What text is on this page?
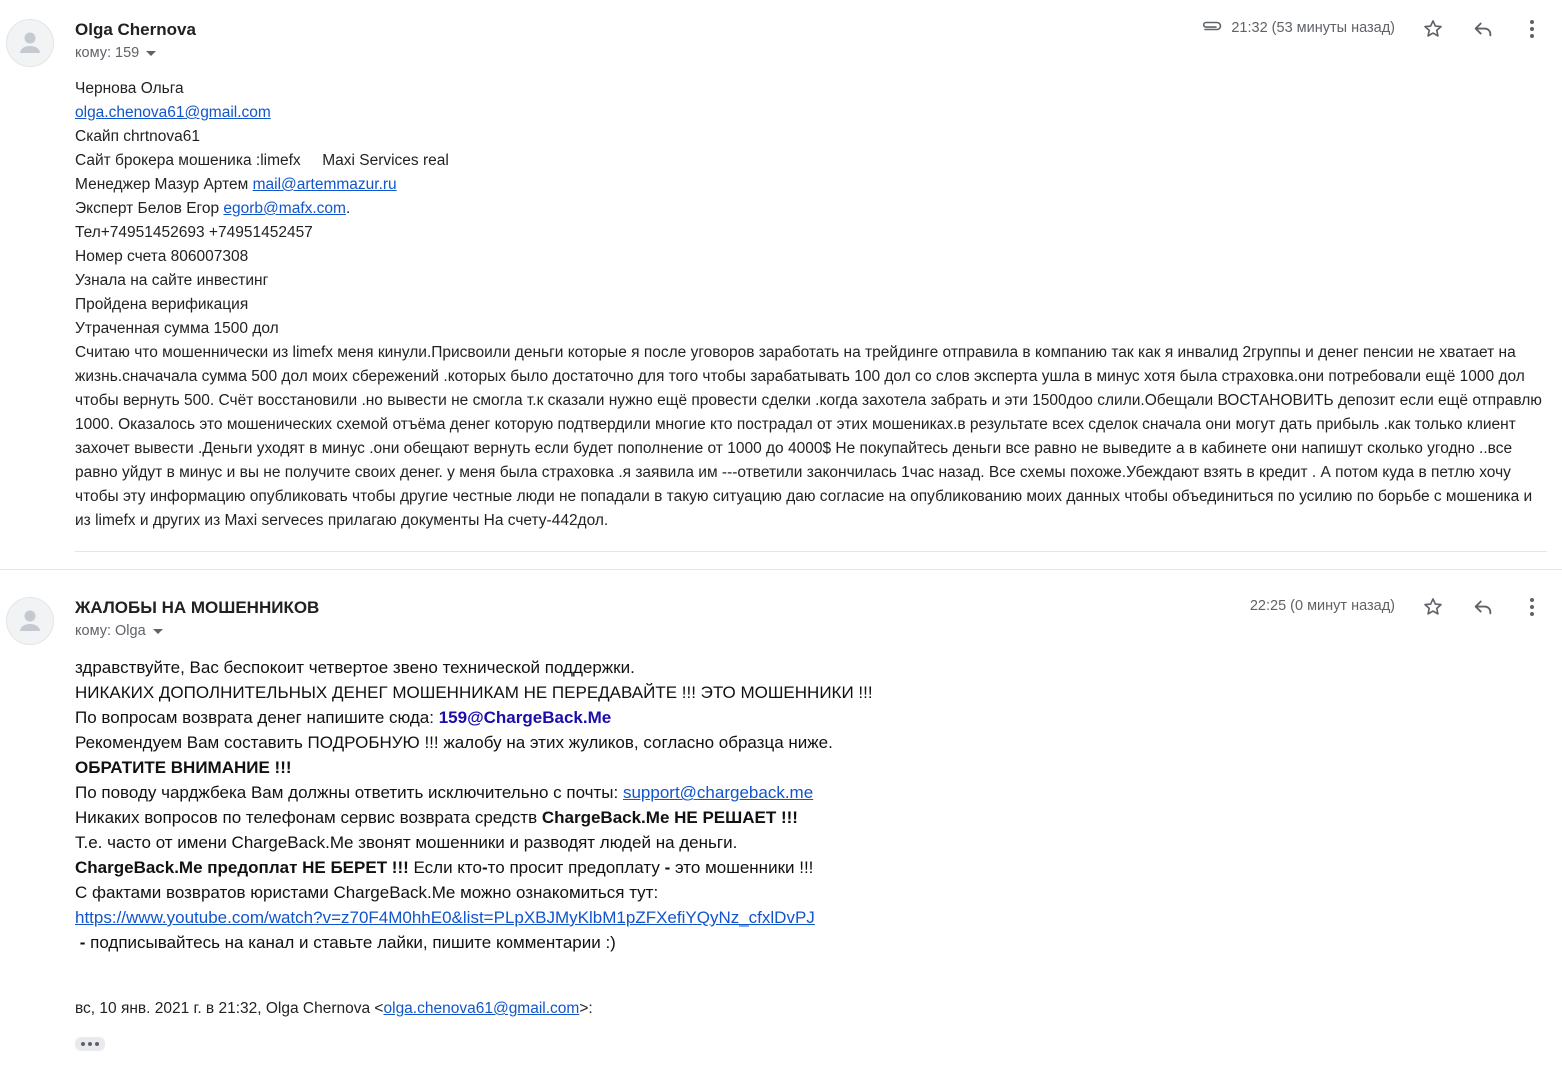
Olga Chernova
кому: 159
21:32 (53 минуты назад)
Чернова Ольга
olga.chenova61@gmail.com
Скайп chrtnova61
Сайт брокера мошеника :limefx     Maxi Services real
Менеджер Мазур Артем mail@artemmazur.ru
Эксперт Белов Егор egorb@mafx.com.
Тел+74951452693 +74951452457
Номер счета 806007308
Узнала на сайте инвестинг
Пройдена верификация
Утраченная сумма 1500 дол
Считаю что мошеннически из limefx меня кинули.Присвоили деньги которые я после уговоров заработать на трейдинге отправила в компанию так как я инвалид 2группы и денег пенсии не хватает на жизнь.сначачала сумма 500 дол моих сбережений .которых было достаточно для того чтобы зарабатывать 100 дол со слов эксперта ушла в минус хотя была страховка.они потребовали ещё 1000 дол чтобы вернуть 500. Счёт восстановили .но вывести не смогла т.к сказали нужно ещё провести сделки .когда захотела забрать и эти 1500доо слили.Обещали ВОСТАНОВИТЬ депозит если ещё отправлю 1000. Оказалось это мошенических схемой отъёма денег которую подтвердили многие кто пострадал от этих мошениках.в результате всех сделок сначала они могут дать прибыль .как только клиент захочет вывести .Деньги уходят в минус .они обещают вернуть если будет пополнение от 1000 до 4000$ Не покупайтесь деньги все равно не выведите а в кабинете они напишут сколько угодно ..все равно уйдут в минус и вы не получите своих денег. у меня была страховка .я заявила им ---ответили закончилась 1час назад. Все схемы похоже.Убеждают взять в кредит . А потом куда в петлю хочу чтобы эту информацию опубликовать чтобы другие честные люди не попадали в такую ситуацию даю согласие на опубликованию моих данных чтобы объединиться по усилию по борьбе с мошеника и из limefx и других из Maxi serveces прилагаю документы На счету-442дол.
ЖАЛОБЫ НА МОШЕННИКОВ
кому: Olga
22:25 (0 минут назад)
здравствуйте, Вас беспокоит четвертое звено технической поддержки.
НИКАКИХ ДОПОЛНИТЕЛЬНЫХ ДЕНЕГ МОШЕННИКАМ НЕ ПЕРЕДАВАЙТЕ !!! ЭТО МОШЕННИКИ !!!
По вопросам возврата денег напишите сюда: 159@ChargeBack.Me
Рекомендуем Вам составить ПОДРОБНУЮ !!! жалобу на этих жуликов, согласно образца ниже.
ОБРАТИТЕ ВНИМАНИЕ !!!
По поводу чарджбека Вам должны ответить исключительно с почты: support@chargeback.me
Никаких вопросов по телефонам сервис возврата средств ChargeBack.Me НЕ РЕШАЕТ !!!
Т.е. часто от имени ChargeBack.Me звонят мошенники и разводят людей на деньги.
ChargeBack.Me предоплат НЕ БЕРЕТ !!! Если кто-то просит предоплату - это мошенники !!!
С фактами возвратов юристами ChargeBack.Me можно ознакомиться тут:
https://www.youtube.com/watch?v=z70F4M0hhE0&list=PLpXBJMyKlbM1pZFXefiYQyNz_cfxlDvPJ
- подписывайтесь на канал и ставьте лайки, пишите комментарии :)
вс, 10 янв. 2021 г. в 21:32, Olga Chernova <olga.chenova61@gmail.com>:
